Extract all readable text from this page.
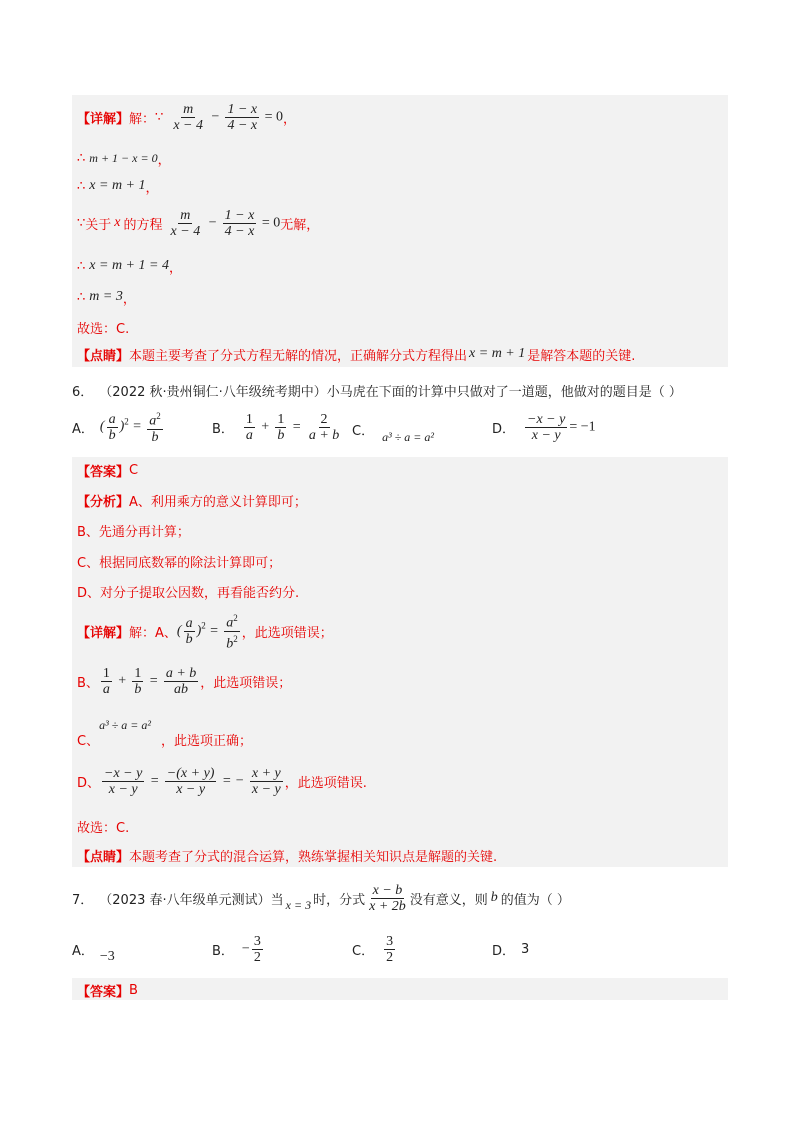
【详解】 解： ∵ $\frac{m}{x - 4} - \frac{1 - x}{4 - x} = 0$ ，
∴ m + 1 − x = 0 ，
∴ x = m + 1 ，
∵ 关于 x 的方程 $\frac{m}{x - 4} - \frac{1 - x}{4 - x} = 0$ 无解 ，
∴ x = m + 1 = 4 ，
∴ m = 3 ，
故选：C.
【点睛】 本题主要考查了分式方程无解的情况，正确解分式方程得出 x = m + 1 是解答本题的关键.
6． （2022 秋·贵州铜仁·八年级统考期中） 小马虎在下面的计算中只做对了一道题，他做对的题目是（ ）
A． ( $\frac{a}{b} )^2 = \frac{a^2}{b}$	B． $\frac{1}{a} + \frac{1}{b} = \frac{2}{a + b}$ C． a³ ÷ a = a²	D． $\frac{-x - y}{x - y} = -1$
【答案】 C
【分析】 A、利用乘方的意义计算即可；
B、先通分再计算；
C、根据同底数幂的除法计算即可；
D、对分子提取公因数，再看能否约分.
【详解】 解：A、 ( $\frac{a}{b} )^2 = \frac{a^2}{b^2}$ ，此选项错误；
B、 $\frac{1}{a} + \frac{1}{b} = \frac{a + b}{ab}$ ，此选项错误；
C、
a³ ÷ a = a²
，此选项正确；
D、 $\frac{-x - y}{x - y} = \frac{-(x + y)}{x - y}$ = − $\frac{x + y}{x - y}$ ，此选项错误.
故选：C.
【点睛】 本题考查了分式的混合运算，熟练掌握相关知识点是解题的关键.
7． （2023 春·八年级单元测试） 当 x = 3 时，分式 $\frac{x - b}{x + 2b}$ 没有意义，则 b 的值为（ ）
A． −3	B． − $\frac{3}{2}$	C． $\frac{3}{2}$	D． 3
【答案】 B
